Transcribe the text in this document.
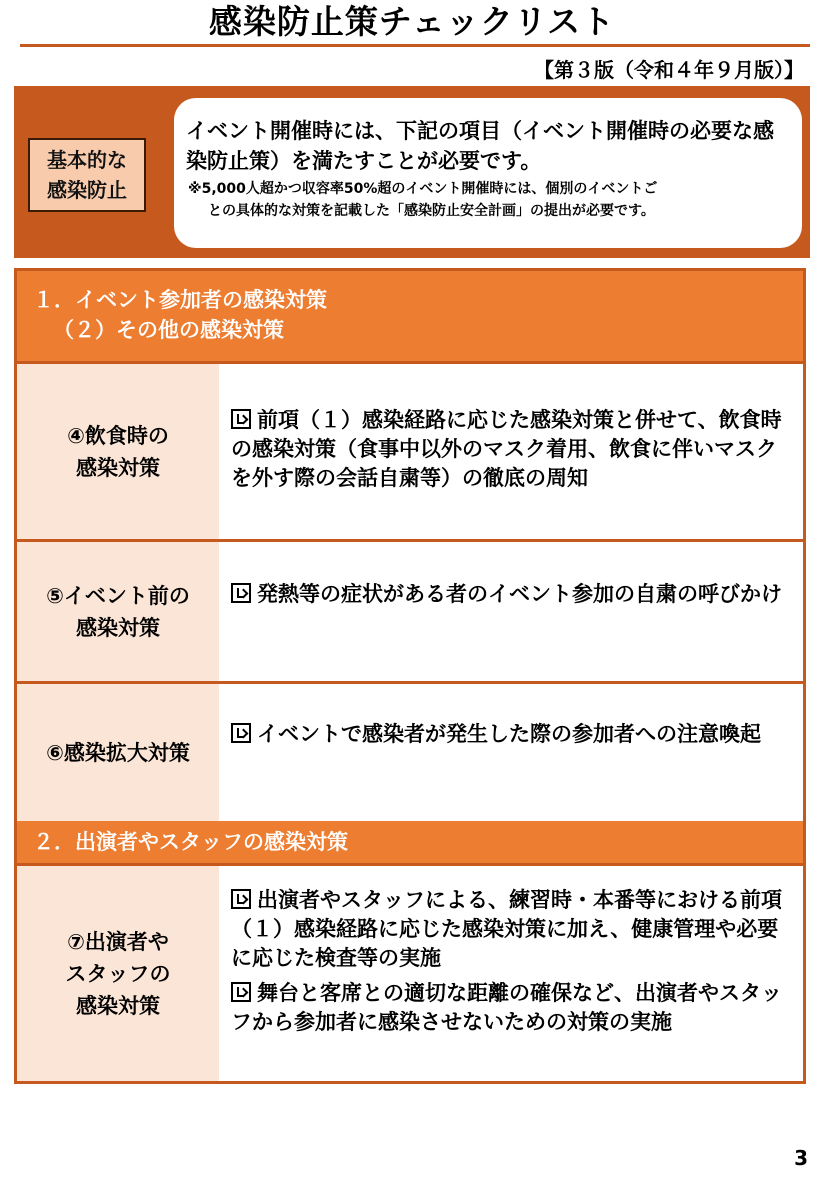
感染防止策チェックリスト
【第３版（令和４年９月版）】
基本的な
感染防止
イベント開催時には、下記の項目（イベント開催時の必要な感染防止策）を満たすことが必要です。
※5,000人超かつ収容率50%超のイベント開催時には、個別のイベントご
との具体的な対策を記載した「感染防止安全計画」の提出が必要です。
１．イベント参加者の感染対策
（２）その他の感染対策
④飲食時の
感染対策

前項（１）感染経路に応じた感染対策と併せて、飲食時の感染対策（食事中以外のマスク着用、飲食に伴いマスクを外す際の会話自粛等）の徹底の周知

⑤イベント前の
感染対策

発熱等の症状がある者のイベント参加の自粛の呼びかけ

⑥感染拡大対策

イベントで感染者が発生した際の参加者への注意喚起

２．出演者やスタッフの感染対策
⑦出演者や
スタッフの
感染対策

出演者やスタッフによる、練習時・本番等における前項（１）感染経路に応じた感染対策に加え、健康管理や必要に応じた検査等の実施

舞台と客席との適切な距離の確保など、出演者やスタッフから参加者に感染させないための対策の実施

3
